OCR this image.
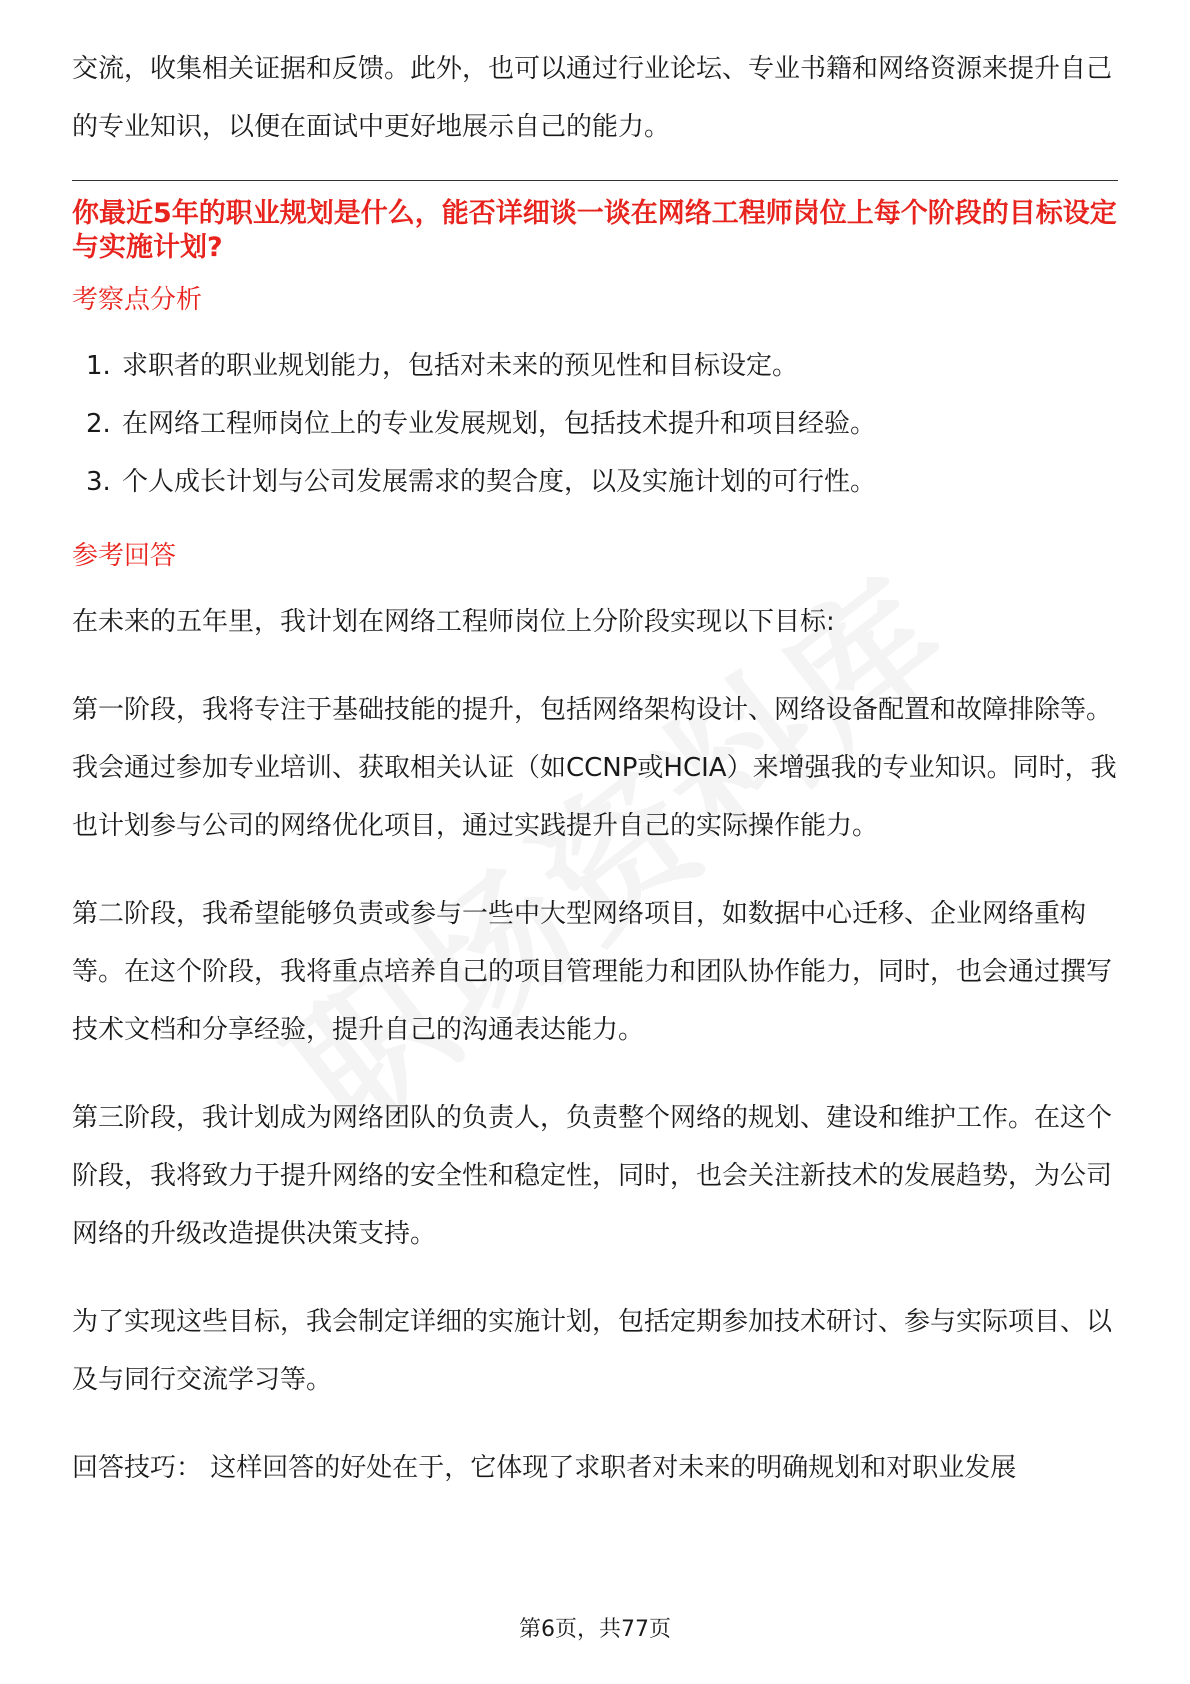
交流，收集相关证据和反馈。此外，也可以通过行业论坛、专业书籍和网络资源来提升自己的专业知识，以便在面试中更好地展示自己的能力。

你最近5年的职业规划是什么，能否详细谈一谈在网络工程师岗位上每个阶段的目标设定与实施计划?

考察点分析
1. 求职者的职业规划能力，包括对未来的预见性和目标设定。
2. 在网络工程师岗位上的专业发展规划，包括技术提升和项目经验。
3. 个人成长计划与公司发展需求的契合度，以及实施计划的可行性。
参考回答

在未来的五年里，我计划在网络工程师岗位上分阶段实现以下目标:

第一阶段，我将专注于基础技能的提升，包括网络架构设计、网络设备配置和故障排除等。我会通过参加专业培训、获取相关认证（如CCNP或HCIA）来增强我的专业知识。同时，我也计划参与公司的网络优化项目，通过实践提升自己的实际操作能力。

第二阶段，我希望能够负责或参与一些中大型网络项目，如数据中心迁移、企业网络重构等。在这个阶段，我将重点培养自己的项目管理能力和团队协作能力，同时，也会通过撰写技术文档和分享经验，提升自己的沟通表达能力。

第三阶段，我计划成为网络团队的负责人，负责整个网络的规划、建设和维护工作。在这个阶段，我将致力于提升网络的安全性和稳定性，同时，也会关注新技术的发展趋势，为公司网络的升级改造提供决策支持。

为了实现这些目标，我会制定详细的实施计划，包括定期参加技术研讨、参与实际项目、以及与同行交流学习等。

回答技巧： 这样回答的好处在于，它体现了求职者对未来的明确规划和对职业发展

第6页，共77页
